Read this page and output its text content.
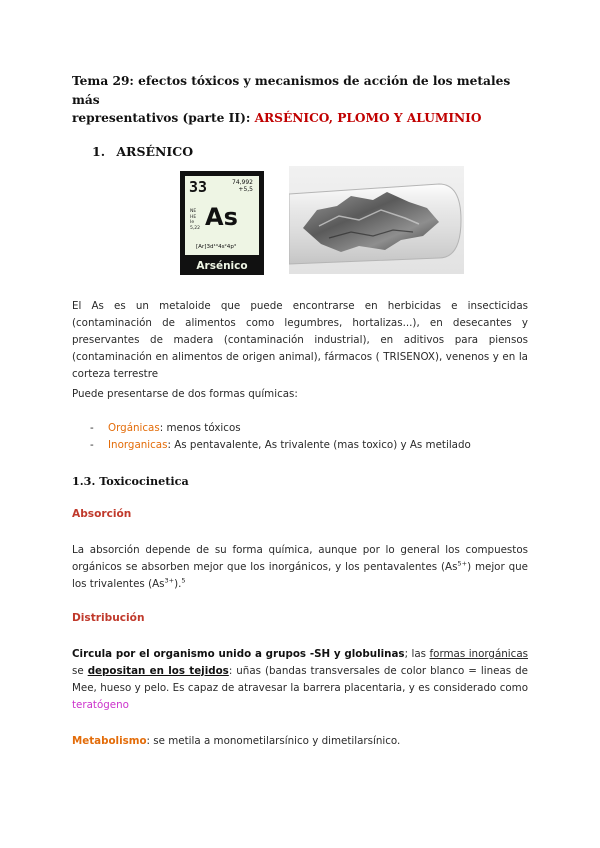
Tema 29: efectos tóxicos y mecanismos de acción de los metales más
representativos (parte II): ARSÉNICO, PLOMO Y ALUMINIO
1. ARSÉNICO
33	74,992
+5,5
NE
HE
Ie
5,22 As
[Ar]3d¹⁰4s²4p³
Arsénico
El As es un metaloide que puede encontrarse en herbicidas e insecticidas (contaminación de alimentos como legumbres, hortalizas...), en desecantes y preservantes de madera (contaminación industrial), en aditivos para piensos (contaminación en alimentos de origen animal), fármacos ( TRISENOX), venenos y en la corteza terrestre
Puede presentarse de dos formas químicas:
- Orgánicas: menos tóxicos
- Inorganicas: As pentavalente, As trivalente (mas toxico) y As metilado
1.3. Toxicocinetica
Absorción
La absorción depende de su forma química, aunque por lo general los compuestos orgánicos se absorben mejor que los inorgánicos, y los pentavalentes $(As^{5+})$ mejor que los trivalentes $(As^{3+}).^5$
Distribución
Circula por el organismo unido a grupos -SH y globulinas; las formas inorgánicas se depositan en los tejidos: uñas (bandas transversales de color blanco = lineas de Mee, hueso y pelo. Es capaz de atravesar la barrera placentaria, y es considerado como teratógeno
Metabolismo: se metila a monometilarsínico y dimetilarsínico.
